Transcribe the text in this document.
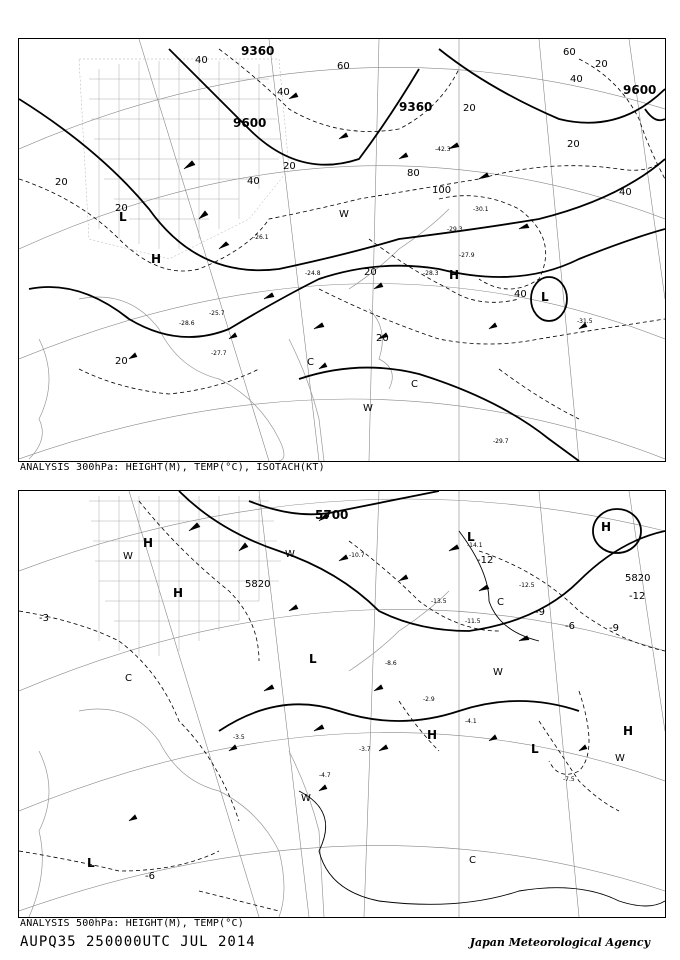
9360
9600
9360
9600
40
20
40
20
60
40
20
60
80
100
20
40
20
20
20
20
40
40
20
H
H
L
L
C
C
W
W
-27.7
-28.6
-25.7
-26.1
-30.1
-42.3
-31.5
-29.7
-29.3
-28.3
-27.9
-24.8
ANALYSIS 300hPa: HEIGHT(M), TEMP(°C), ISOTACH(KT)
5700
5820
5820
-3
-12
-9
-6
-9
-12
-6
H
H
H	H
H
L
L
L
L
C
C
C
W	W
W
W
W
-14.1
-12.5
-13.5
-11.5
-10.7
-8.6
-2.9
-3.7
-4.1
-7.5
-3.5
-4.7
ANALYSIS 500hPa: HEIGHT(M), TEMP(°C)
AUPQ35 250000UTC JUL 2014	Japan Meteorological Agency
